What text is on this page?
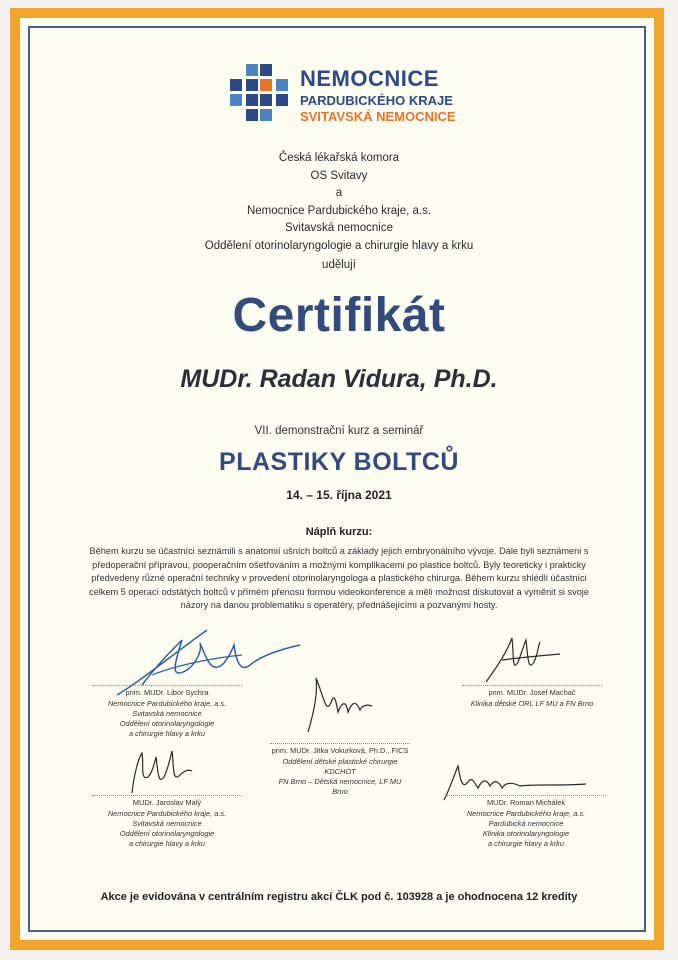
NEMOCNICE
PARDUBICKÉHO KRAJE
SVITAVSKÁ NEMOCNICE
Česká lékařská komora
OS Svitavy
a
Nemocnice Pardubického kraje, a.s.
Svitavská nemocnice
Oddělení otorinolaryngologie a chirurgie hlavy a krku
udělují
Certifikát
MUDr. Radan Vidura, Ph.D.
VII. demonstrační kurz a seminář
PLASTIKY BOLTCŮ
14. – 15. října 2021
Náplň kurzu:
Během kurzu se účastníci seznámili s anatomií ušních boltců a základy jejich embryonálního vývoje. Dále byli seznámeni s předoperační přípravou, pooperačním ošetřováním a možnými komplikacemi po plastice boltců. Byly teoreticky i prakticky předvedeny různé operační techniky v provedení otorinolaryngologa a plastického chirurga. Během kurzu shlédli účastníci celkem 5 operací odstátých boltců v přímém přenosu formou videokonference a měli možnost diskutovat a vyměnit si svoje názory na danou problematiku s operatéry, přednášejícími a pozvanými hosty.
prim. MUDr. Libor Sychra
Nemocnice Pardubického kraje, a.s.
Svitavská nemocnice
Oddělení otorinolaryngologie
a chirurgie hlavy a krku
prim. MUDr. Josef Machač
Klinika dětské ORL LF MU a FN Brno
prim. MUDr. Jitka Vokurková, Ph.D., FICS
Oddělení dětské plastické chirurgie KDCHOT
FN Brno – Dětská nemocnice, LF MU Brno
MUDr. Jaroslav Malý
Nemocnice Pardubického kraje, a.s.
Svitavská nemocnice
Oddělení otorinolaryngologie
a chirurgie hlavy a krku
MUDr. Roman Michálek
Nemocnice Pardubického kraje, a.s.
Pardubická nemocnice
Klinika otorinolaryngologie
a chirurgie hlavy a krku
Akce je evidována v centrálním registru akcí ČLK pod č. 103928 a je ohodnocena 12 kredity
